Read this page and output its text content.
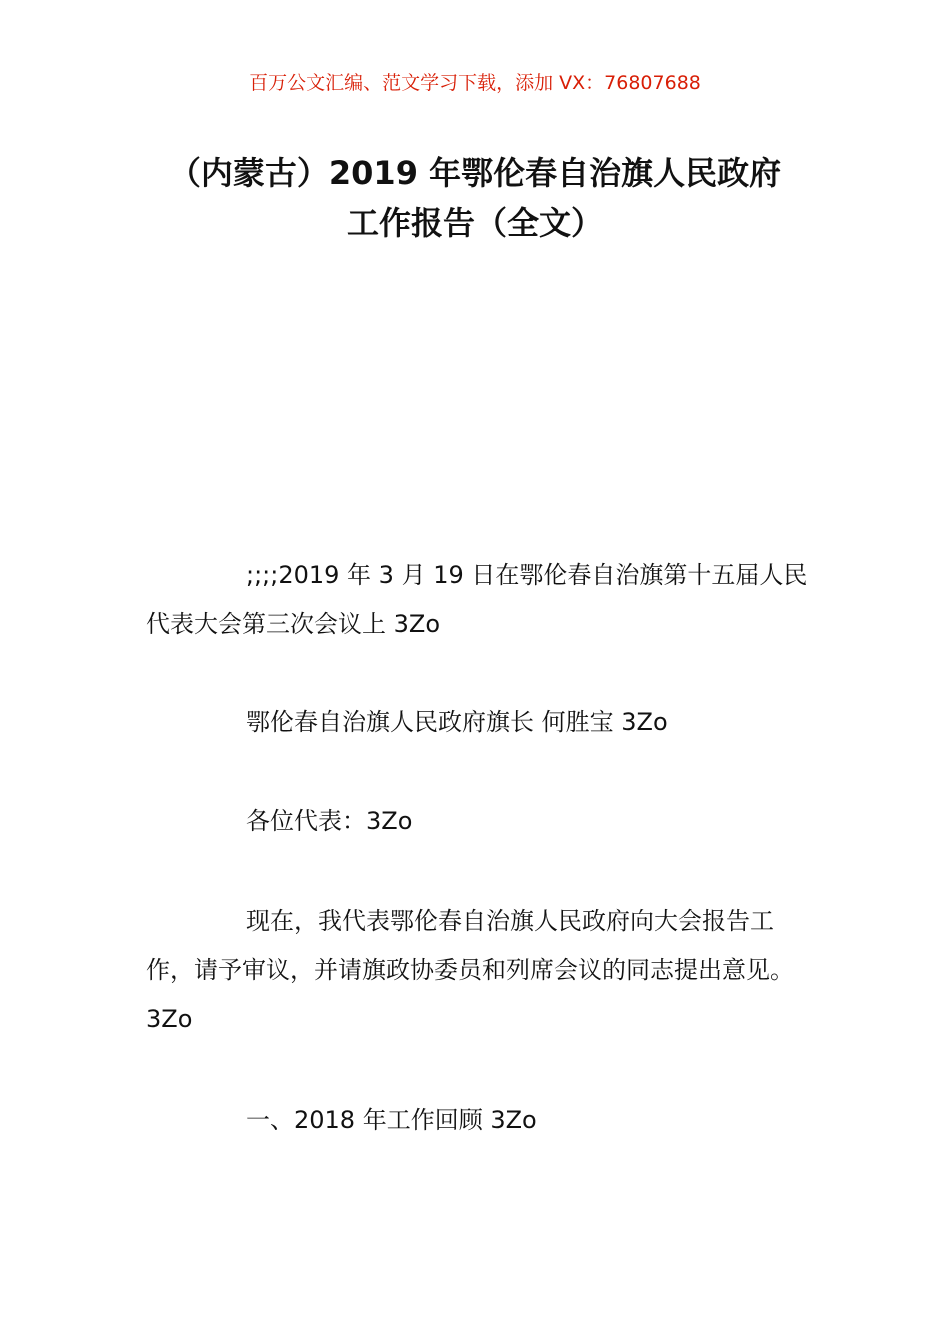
百万公文汇编、范文学习下载，添加 VX：76807688
（内蒙古）2019 年鄂伦春自治旗人民政府
工作报告（全文）
;;;;2019 年 3 月 19 日在鄂伦春自治旗第十五届人民代表大会第三次会议上 3Zo
鄂伦春自治旗人民政府旗长 何胜宝 3Zo
各位代表：3Zo
现在，我代表鄂伦春自治旗人民政府向大会报告工作，请予审议，并请旗政协委员和列席会议的同志提出意见。3Zo
一、2018 年工作回顾 3Zo
